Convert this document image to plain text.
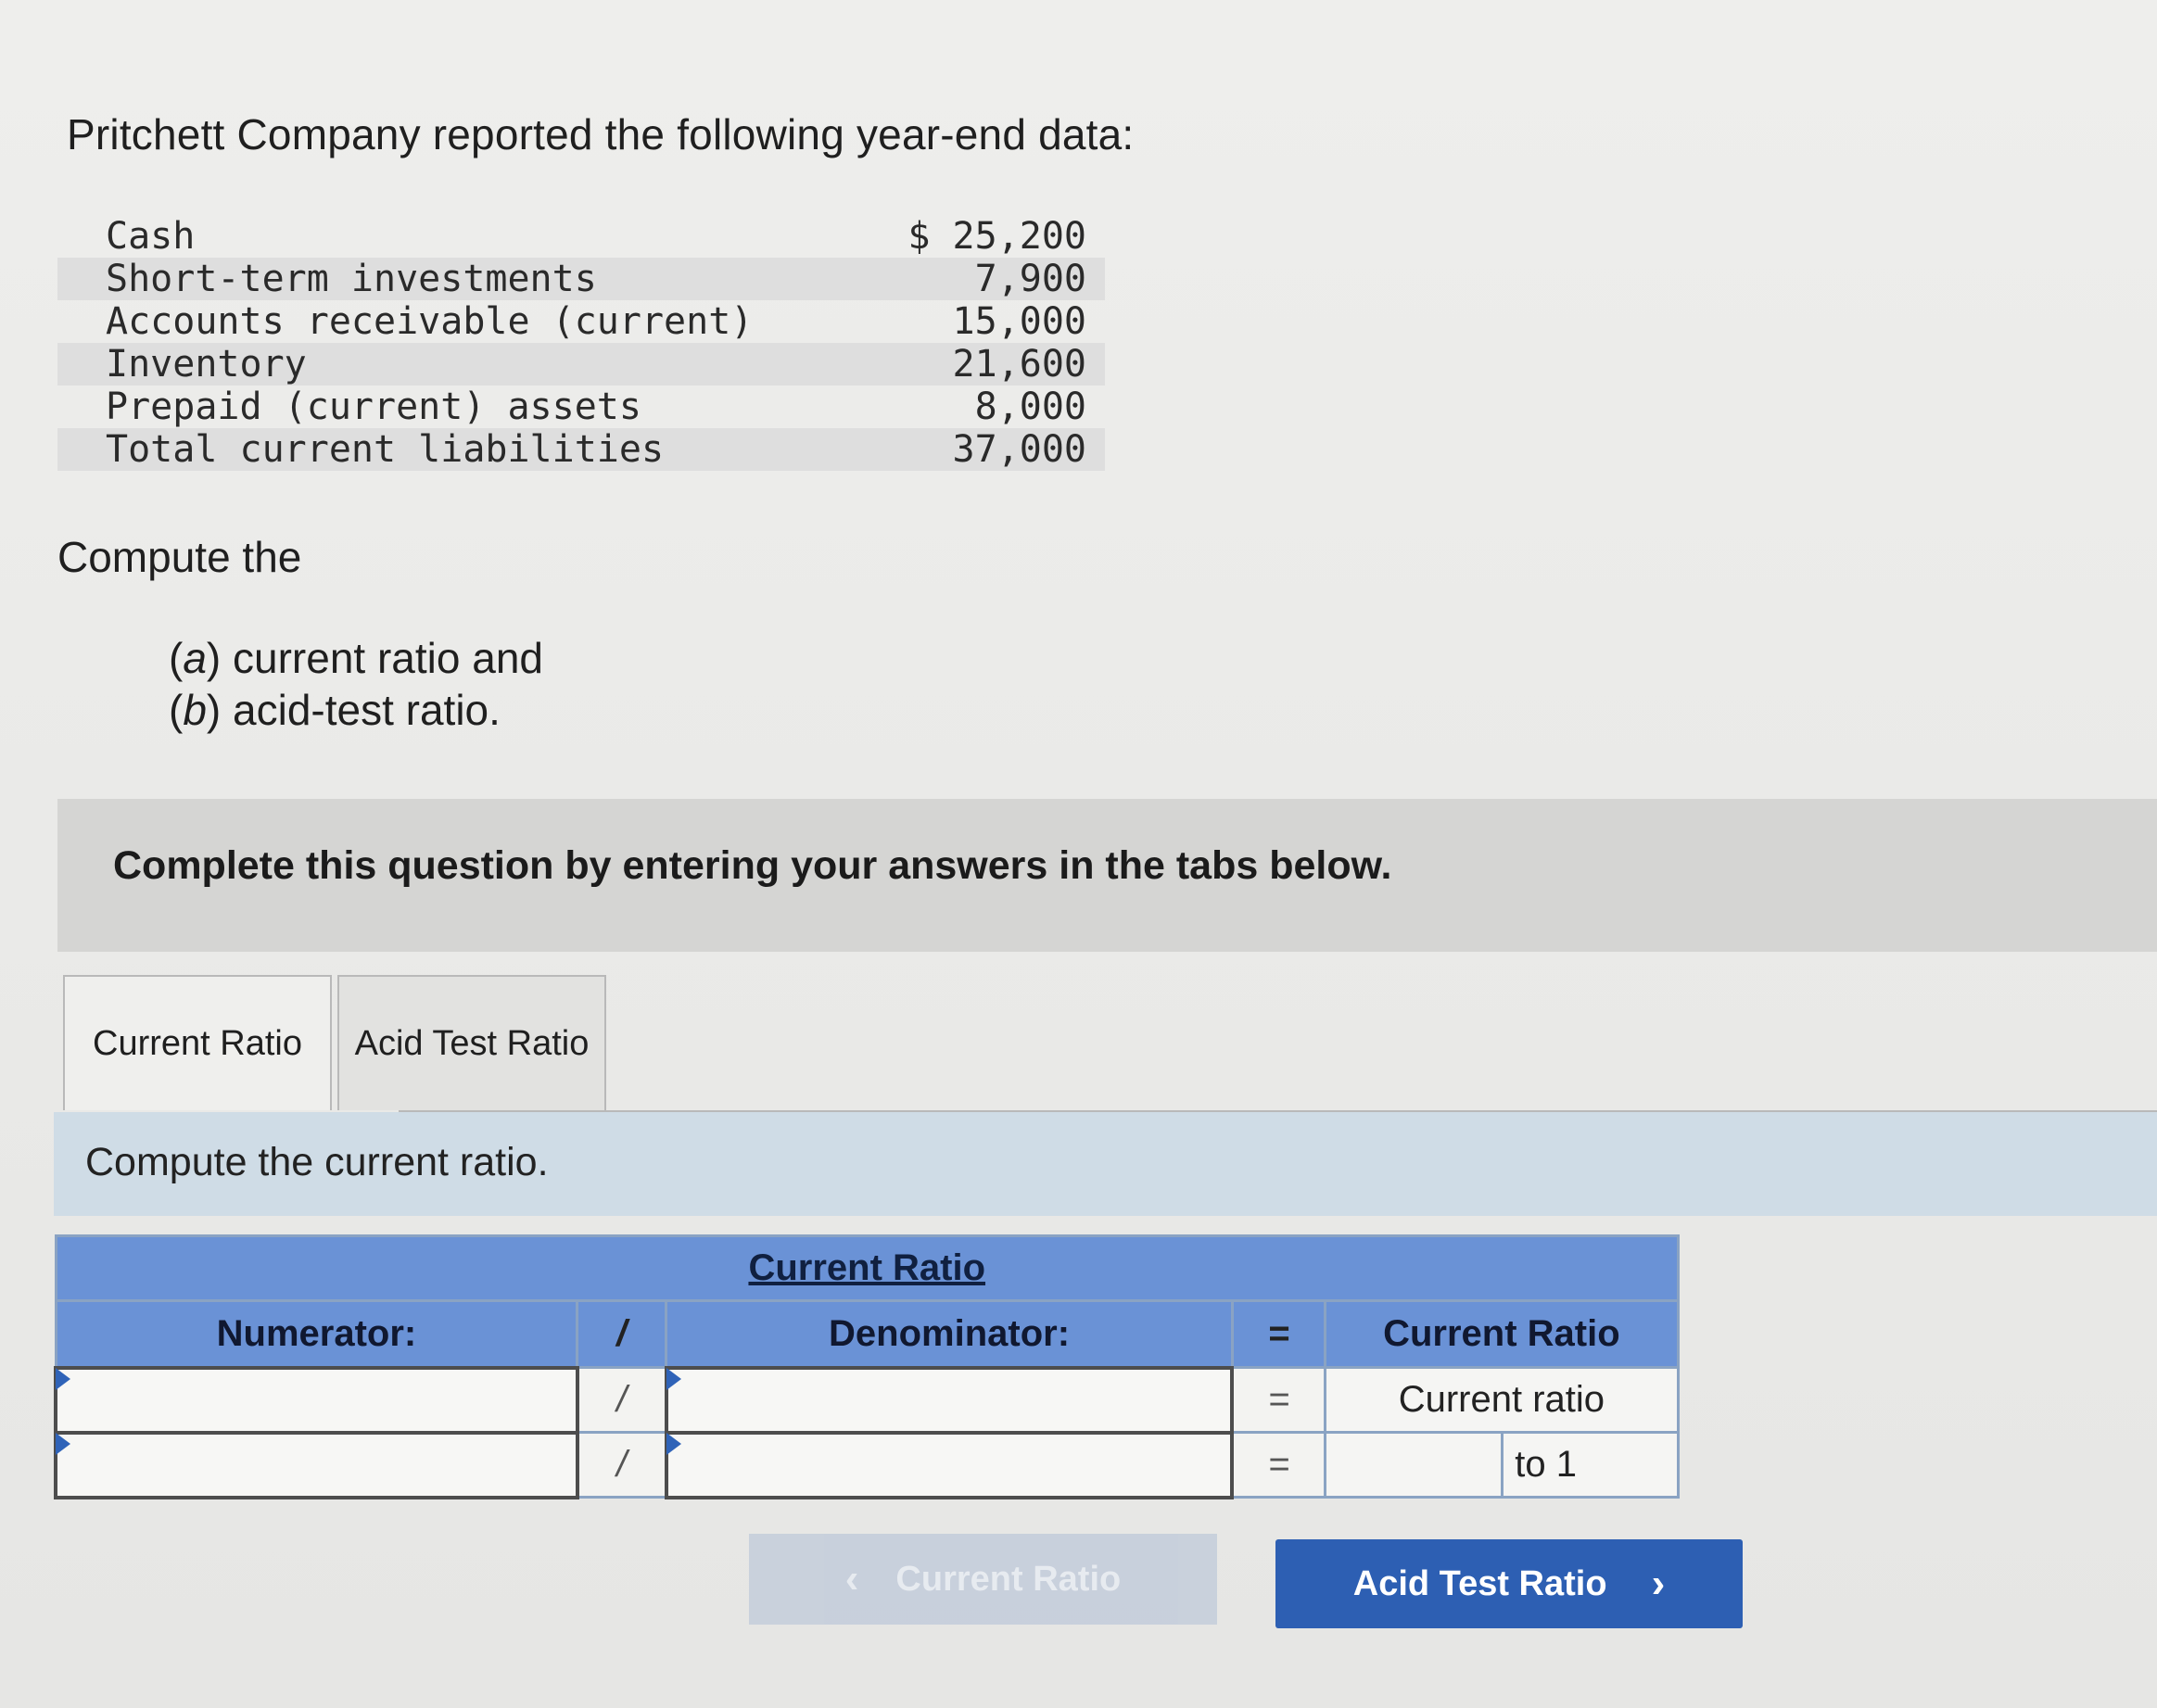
Pritchett Company reported the following year-end data:
Cash	$ 25,200
Short-term investments	7,900
Accounts receivable (current)	15,000
Inventory	21,600
Prepaid (current) assets	8,000
Total current liabilities	37,000
Compute the
(a) current ratio and
(b) acid-test ratio.
Complete this question by entering your answers in the tabs below.
Current Ratio	Acid Test Ratio
Compute the current ratio.
Current Ratio					
Numerator:	/	Denominator:	=	Current Ratio	

	/		=	Current ratio	

	/		=		to 1
‹ Current Ratio	Acid Test Ratio ›
